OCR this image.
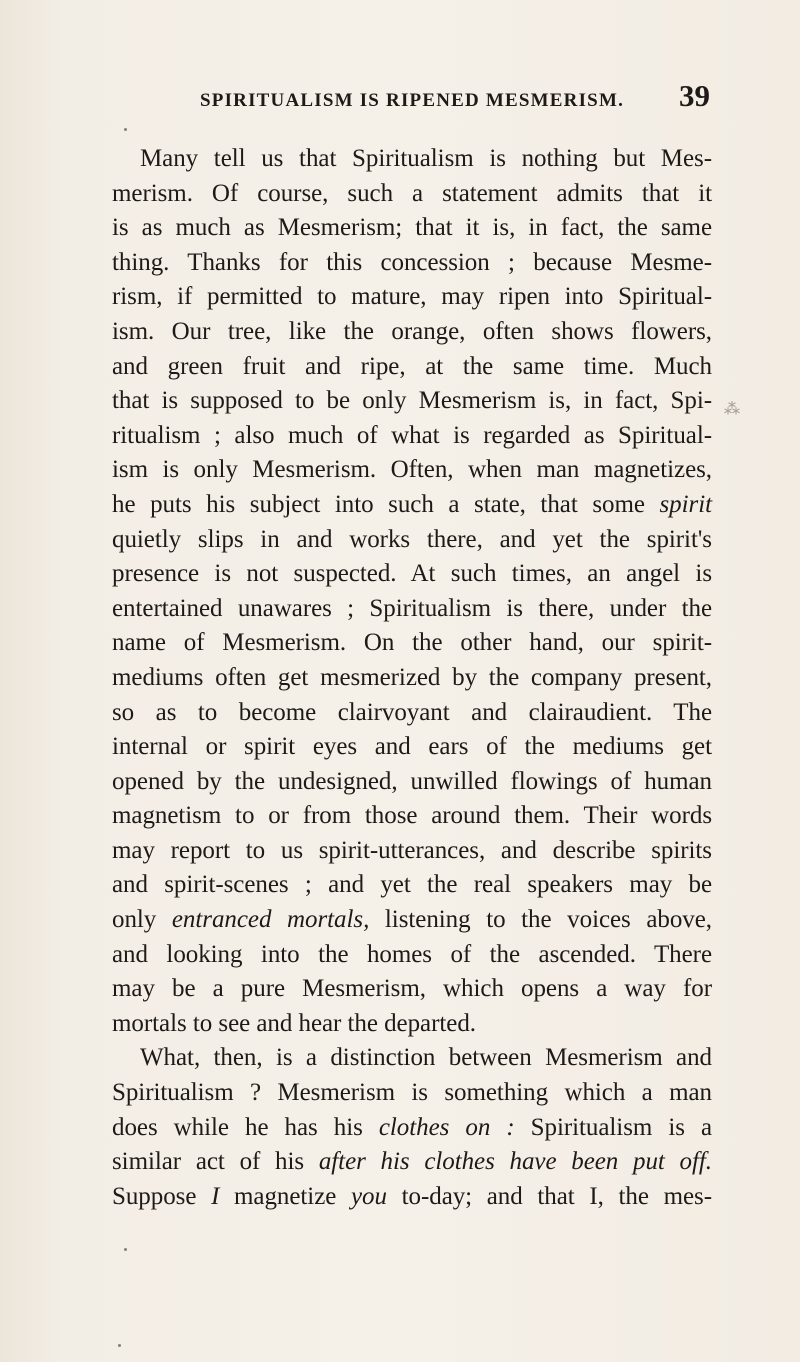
SPIRITUALISM IS RIPENED MESMERISM. 39
⁂
Many tell us that Spiritualism is nothing but Mes-
merism. Of course, such a statement admits that it
is as much as Mesmerism; that it is, in fact, the same
thing. Thanks for this concession ; because Mesme-
rism, if permitted to mature, may ripen into Spiritual-
ism. Our tree, like the orange, often shows flowers,
and green fruit and ripe, at the same time. Much
that is supposed to be only Mesmerism is, in fact, Spi-
ritualism ; also much of what is regarded as Spiritual-
ism is only Mesmerism. Often, when man magnetizes,
he puts his subject into such a state, that some spirit
quietly slips in and works there, and yet the spirit's
presence is not suspected. At such times, an angel is
entertained unawares ; Spiritualism is there, under the
name of Mesmerism. On the other hand, our spirit-
mediums often get mesmerized by the company present,
so as to become clairvoyant and clairaudient. The
internal or spirit eyes and ears of the mediums get
opened by the undesigned, unwilled flowings of human
magnetism to or from those around them. Their words
may report to us spirit-utterances, and describe spirits
and spirit-scenes ; and yet the real speakers may be
only entranced mortals, listening to the voices above,
and looking into the homes of the ascended. There
may be a pure Mesmerism, which opens a way for
mortals to see and hear the departed.
What, then, is a distinction between Mesmerism and
Spiritualism ? Mesmerism is something which a man
does while he has his clothes on : Spiritualism is a
similar act of his after his clothes have been put off.
Suppose I magnetize you to-day; and that I, the mes-
